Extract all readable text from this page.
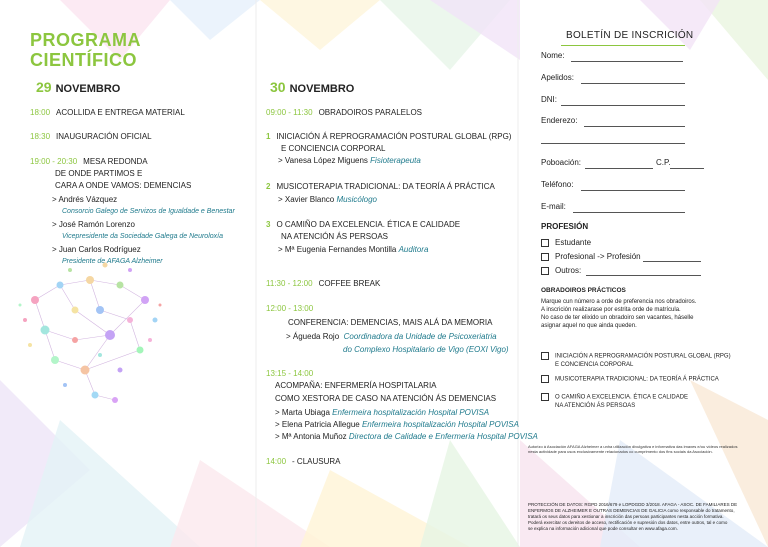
PROGRAMA
CIENTÍFICO
29 NOVEMBRO
18:00 ACOLLIDA E ENTREGA MATERIAL
18:30 INAUGURACIÓN OFICIAL
19:00 - 20:30 MESA REDONDA
DE ONDE PARTIMOS E
CARA A ONDE VAMOS: DEMENCIAS
> Andrés Vázquez
Consorcio Galego de Servizos de Igualdade e Benestar
> José Ramón Lorenzo
Vicepresidente da Sociedade Galega de Neuroloxía
> Juan Carlos Rodríguez
Presidente de AFAGA Alzheimer
30 NOVEMBRO
09:00 - 11:30 OBRADOIROS PARALELOS
1 INICIACIÓN Á REPROGRAMACIÓN POSTURAL GLOBAL (RPG)
E CONCIENCIA CORPORAL
> Vanesa López Miguens Fisioterapeuta
2 MUSICOTERAPIA TRADICIONAL: DA TEORÍA Á PRÁCTICA
> Xavier Blanco Musicólogo
3 O CAMIÑO DA EXCELENCIA. ÉTICA E CALIDADE
NA ATENCIÓN ÁS PERSOAS
> Mª Eugenia Fernandes Montilla Auditora
11:30 - 12:00 COFFEE BREAK
12:00 - 13:00
CONFERENCIA: DEMENCIAS, MAIS ALÁ DA MEMORIA
> Águeda Rojo Coordinadora da Unidade de Psicoxeriatria
do Complexo Hospitalario de Vigo (EOXI Vigo)
13:15 - 14:00
ACOMPAÑA: ENFERMERÍA HOSPITALARIA
COMO XESTORA DE CASO NA ATENCIÓN ÁS DEMENCIAS
> Marta Ubiaga Enfermeira hospitalización Hospital POVISA
> Elena Patricia Allegue Enfermeira hospitalización Hospital POVISA
> Mª Antonia Muñoz Directora de Calidade e Enfermería Hospital POVISA
14:00 - CLAUSURA
BOLETÍN DE INSCRICIÓN
Nome:
Apelidos:
DNI:
Enderezo:
Poboación:	C.P.
Teléfono:
E-mail:
PROFESIÓN
Estudante
Profesional -> Profesión
Outros:
OBRADOIROS PRÁCTICOS
Marque cun número a orde de preferencia nos obradoiros.
A inscrición realizarase por estrita orde de matrícula.
No caso de ter elixido un obradoiro sen vacantes, háselle
asignar aquel no que ainda queden.
INICIACIÓN A REPROGRAMACIÓN POSTURAL GLOBAL (RPG)
E CONCIENCIA CORPORAL
MUSICOTERAPIA TRADICIONAL: DA TEORÍA Á PRÁCTICA
O CAMIÑO A EXCELENCIA. ÉTICA E CALIDADE
NA ATENCIÓN ÁS PERSOAS
Autorizo á Asociación AFAGA Alzheimer a unha utilización divulgativa e informativa das imaxes e/ou vídeos realizados
nesta actividade para usos exclusivamente relacionados co cumprimento dos fins sociais da Asociación.
PROTECCIÓN DE DATOS: RGPD 2016/679 e LOPDGDD 3/2018. AFAGA - ASOC. DE FAMILIARES DE
ENFERMOS DE ALZHEIMER E OUTRAS DEMENCIAS DE GALICIA como responsable do tratamento,
tratará os seus datos para xestionar a inscrición das persoas participantes nesta acción formativa.
Poderá exercitar os dereitos de acceso, rectificación e supresión dos datos, entre outros, tal e como
se explica na información adicional que pode consultar en www.afaga.com.
